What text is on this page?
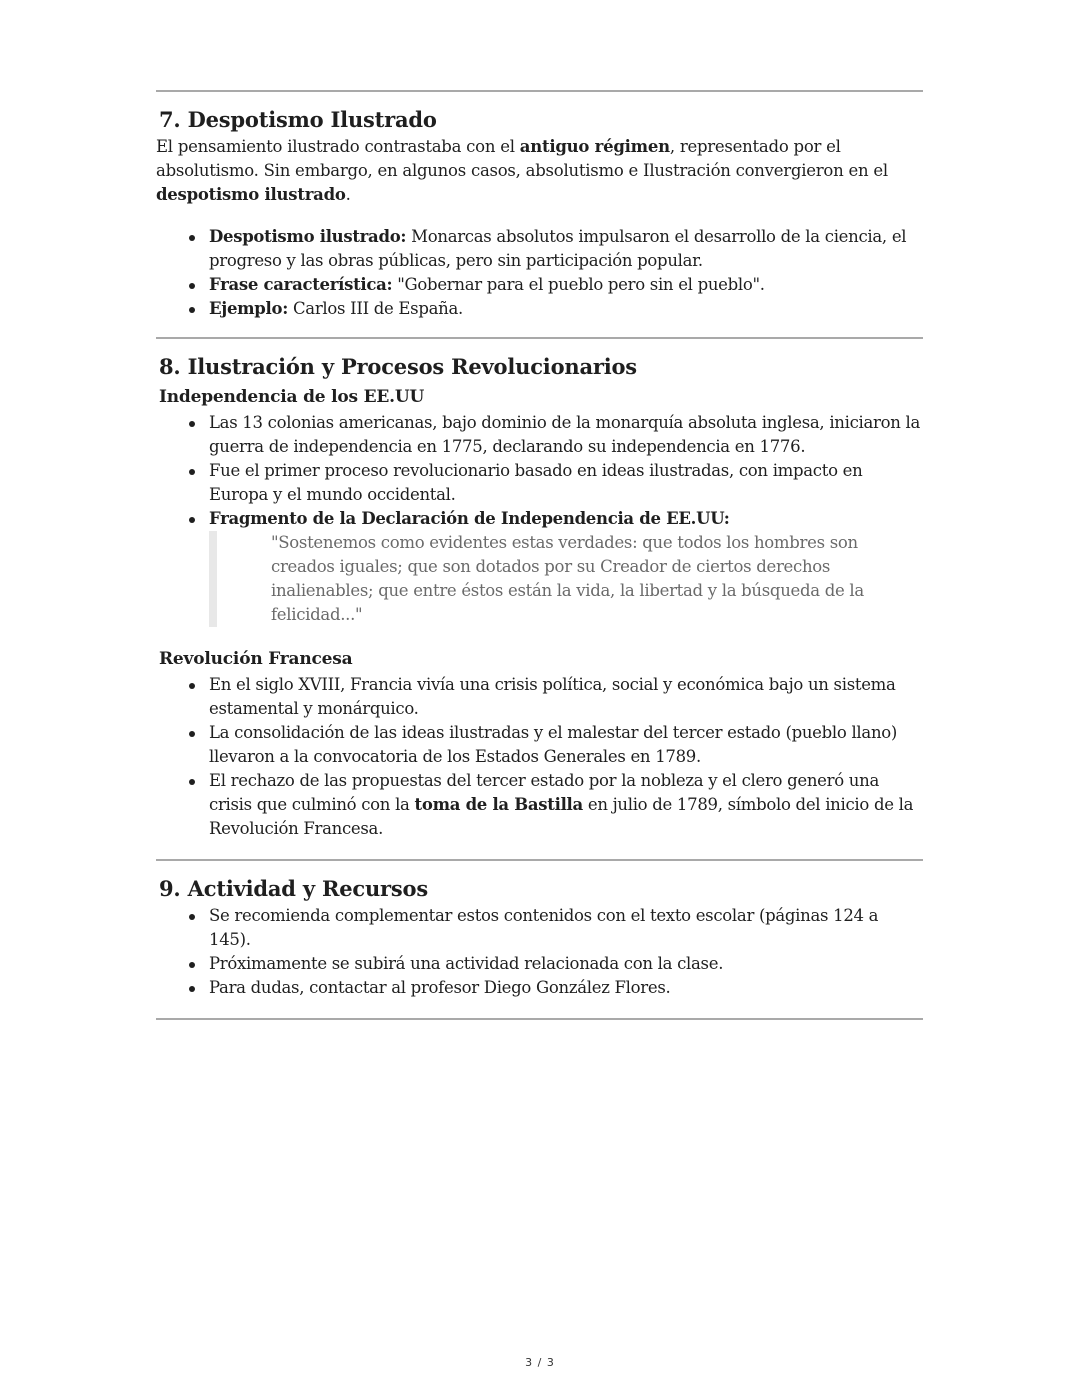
7. Despotismo Ilustrado

El pensamiento ilustrado contrastaba con el antiguo régimen, representado por el absolutismo. Sin embargo, en algunos casos, absolutismo e Ilustración convergieron en el despotismo ilustrado.

Despotismo ilustrado: Monarcas absolutos impulsaron el desarrollo de la ciencia, el progreso y las obras públicas, pero sin participación popular.
Frase característica: "Gobernar para el pueblo pero sin el pueblo".
Ejemplo: Carlos III de España.
8. Ilustración y Procesos Revolucionarios
Independencia de los EE.UU
Las 13 colonias americanas, bajo dominio de la monarquía absoluta inglesa, iniciaron la guerra de independencia en 1775, declarando su independencia en 1776.
Fue el primer proceso revolucionario basado en ideas ilustradas, con impacto en Europa y el mundo occidental.
Fragmento de la Declaración de Independencia de EE.UU:
"Sostenemos como evidentes estas verdades: que todos los hombres son creados iguales; que son dotados por su Creador de ciertos derechos inalienables; que entre éstos están la vida, la libertad y la búsqueda de la felicidad..."
Revolución Francesa
En el siglo XVIII, Francia vivía una crisis política, social y económica bajo un sistema estamental y monárquico.
La consolidación de las ideas ilustradas y el malestar del tercer estado (pueblo llano) llevaron a la convocatoria de los Estados Generales en 1789.
El rechazo de las propuestas del tercer estado por la nobleza y el clero generó una crisis que culminó con la toma de la Bastilla en julio de 1789, símbolo del inicio de la Revolución Francesa.
9. Actividad y Recursos
Se recomienda complementar estos contenidos con el texto escolar (páginas 124 a 145).
Próximamente se subirá una actividad relacionada con la clase.
Para dudas, contactar al profesor Diego González Flores.
3 / 3
